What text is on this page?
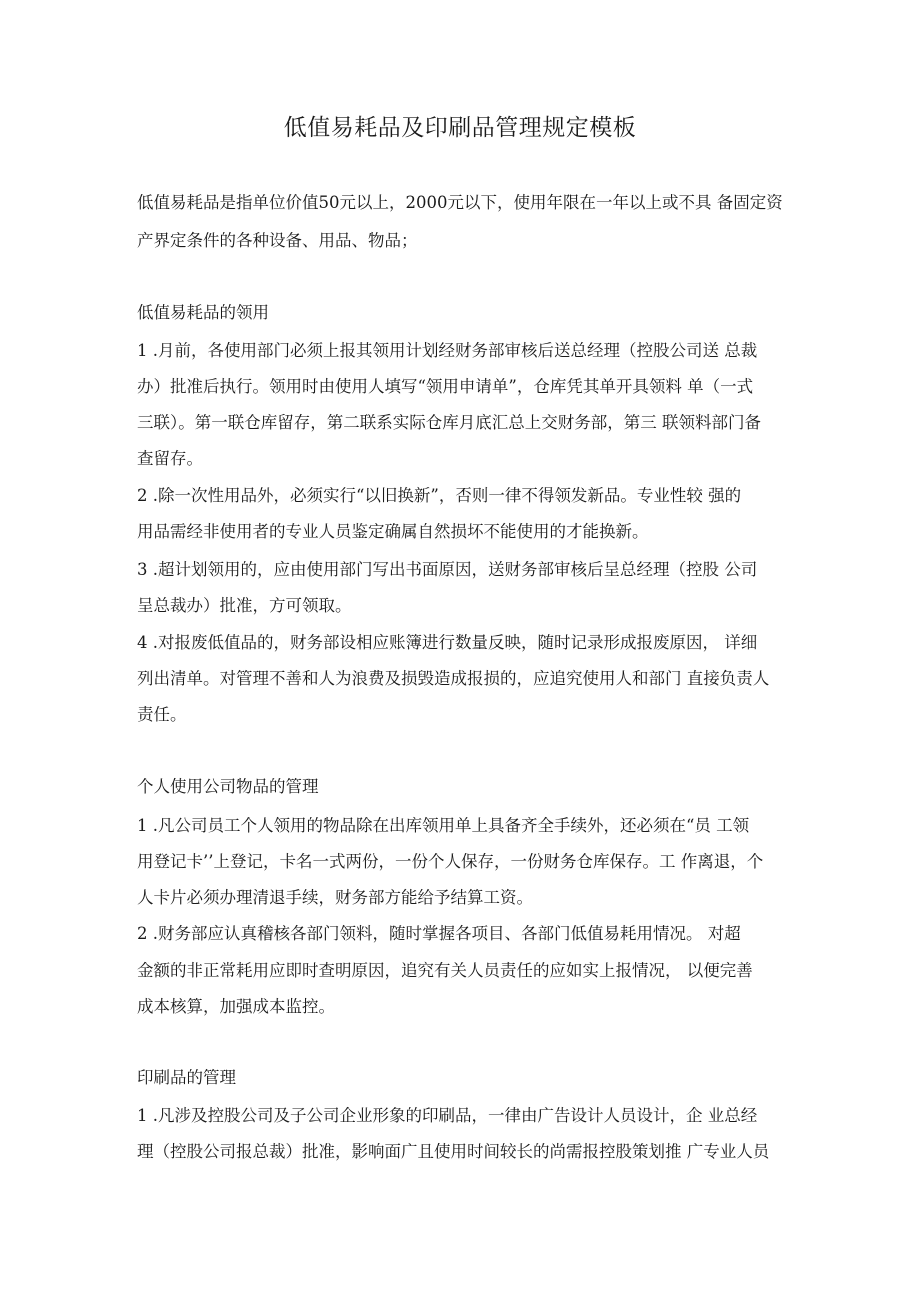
低值易耗品及印刷品管理规定模板

低值易耗品是指单位价值50元以上，2000元以下，使用年限在一年以上或不具 备固定资

产界定条件的各种设备、用品、物品；

低值易耗品的领用

1 .月前，各使用部门必须上报其领用计划经财务部审核后送总经理（控股公司送 总裁

办）批准后执行。领用时由使用人填写“领用申请单”，仓库凭其单开具领料 单（一式

三联）。第一联仓库留存，第二联系实际仓库月底汇总上交财务部，第三 联领料部门备

查留存。

2 .除一次性用品外，必须实行“以旧换新”，否则一律不得领发新品。专业性较 强的

用品需经非使用者的专业人员鉴定确属自然损坏不能使用的才能换新。

3 .超计划领用的，应由使用部门写出书面原因，送财务部审核后呈总经理（控股 公司

呈总裁办）批准，方可领取。

4 .对报废低值品的，财务部设相应账簿进行数量反映，随时记录形成报废原因， 详细

列出清单。对管理不善和人为浪费及损毁造成报损的，应追究使用人和部门 直接负责人

责任。

个人使用公司物品的管理

1 .凡公司员工个人领用的物品除在出库领用单上具备齐全手续外，还必须在“员 工领

用登记卡’’上登记，卡名一式两份，一份个人保存，一份财务仓库保存。工 作离退，个

人卡片必须办理清退手续，财务部方能给予结算工资。

2 .财务部应认真稽核各部门领料，随时掌握各项目、各部门低值易耗用情况。 对超

金额的非正常耗用应即时查明原因，追究有关人员责任的应如实上报情况， 以便完善

成本核算，加强成本监控。

印刷品的管理

1 .凡涉及控股公司及子公司企业形象的印刷品，一律由广告设计人员设计，企 业总经

理（控股公司报总裁）批准，影响面广且使用时间较长的尚需报控股策划推 广专业人员
